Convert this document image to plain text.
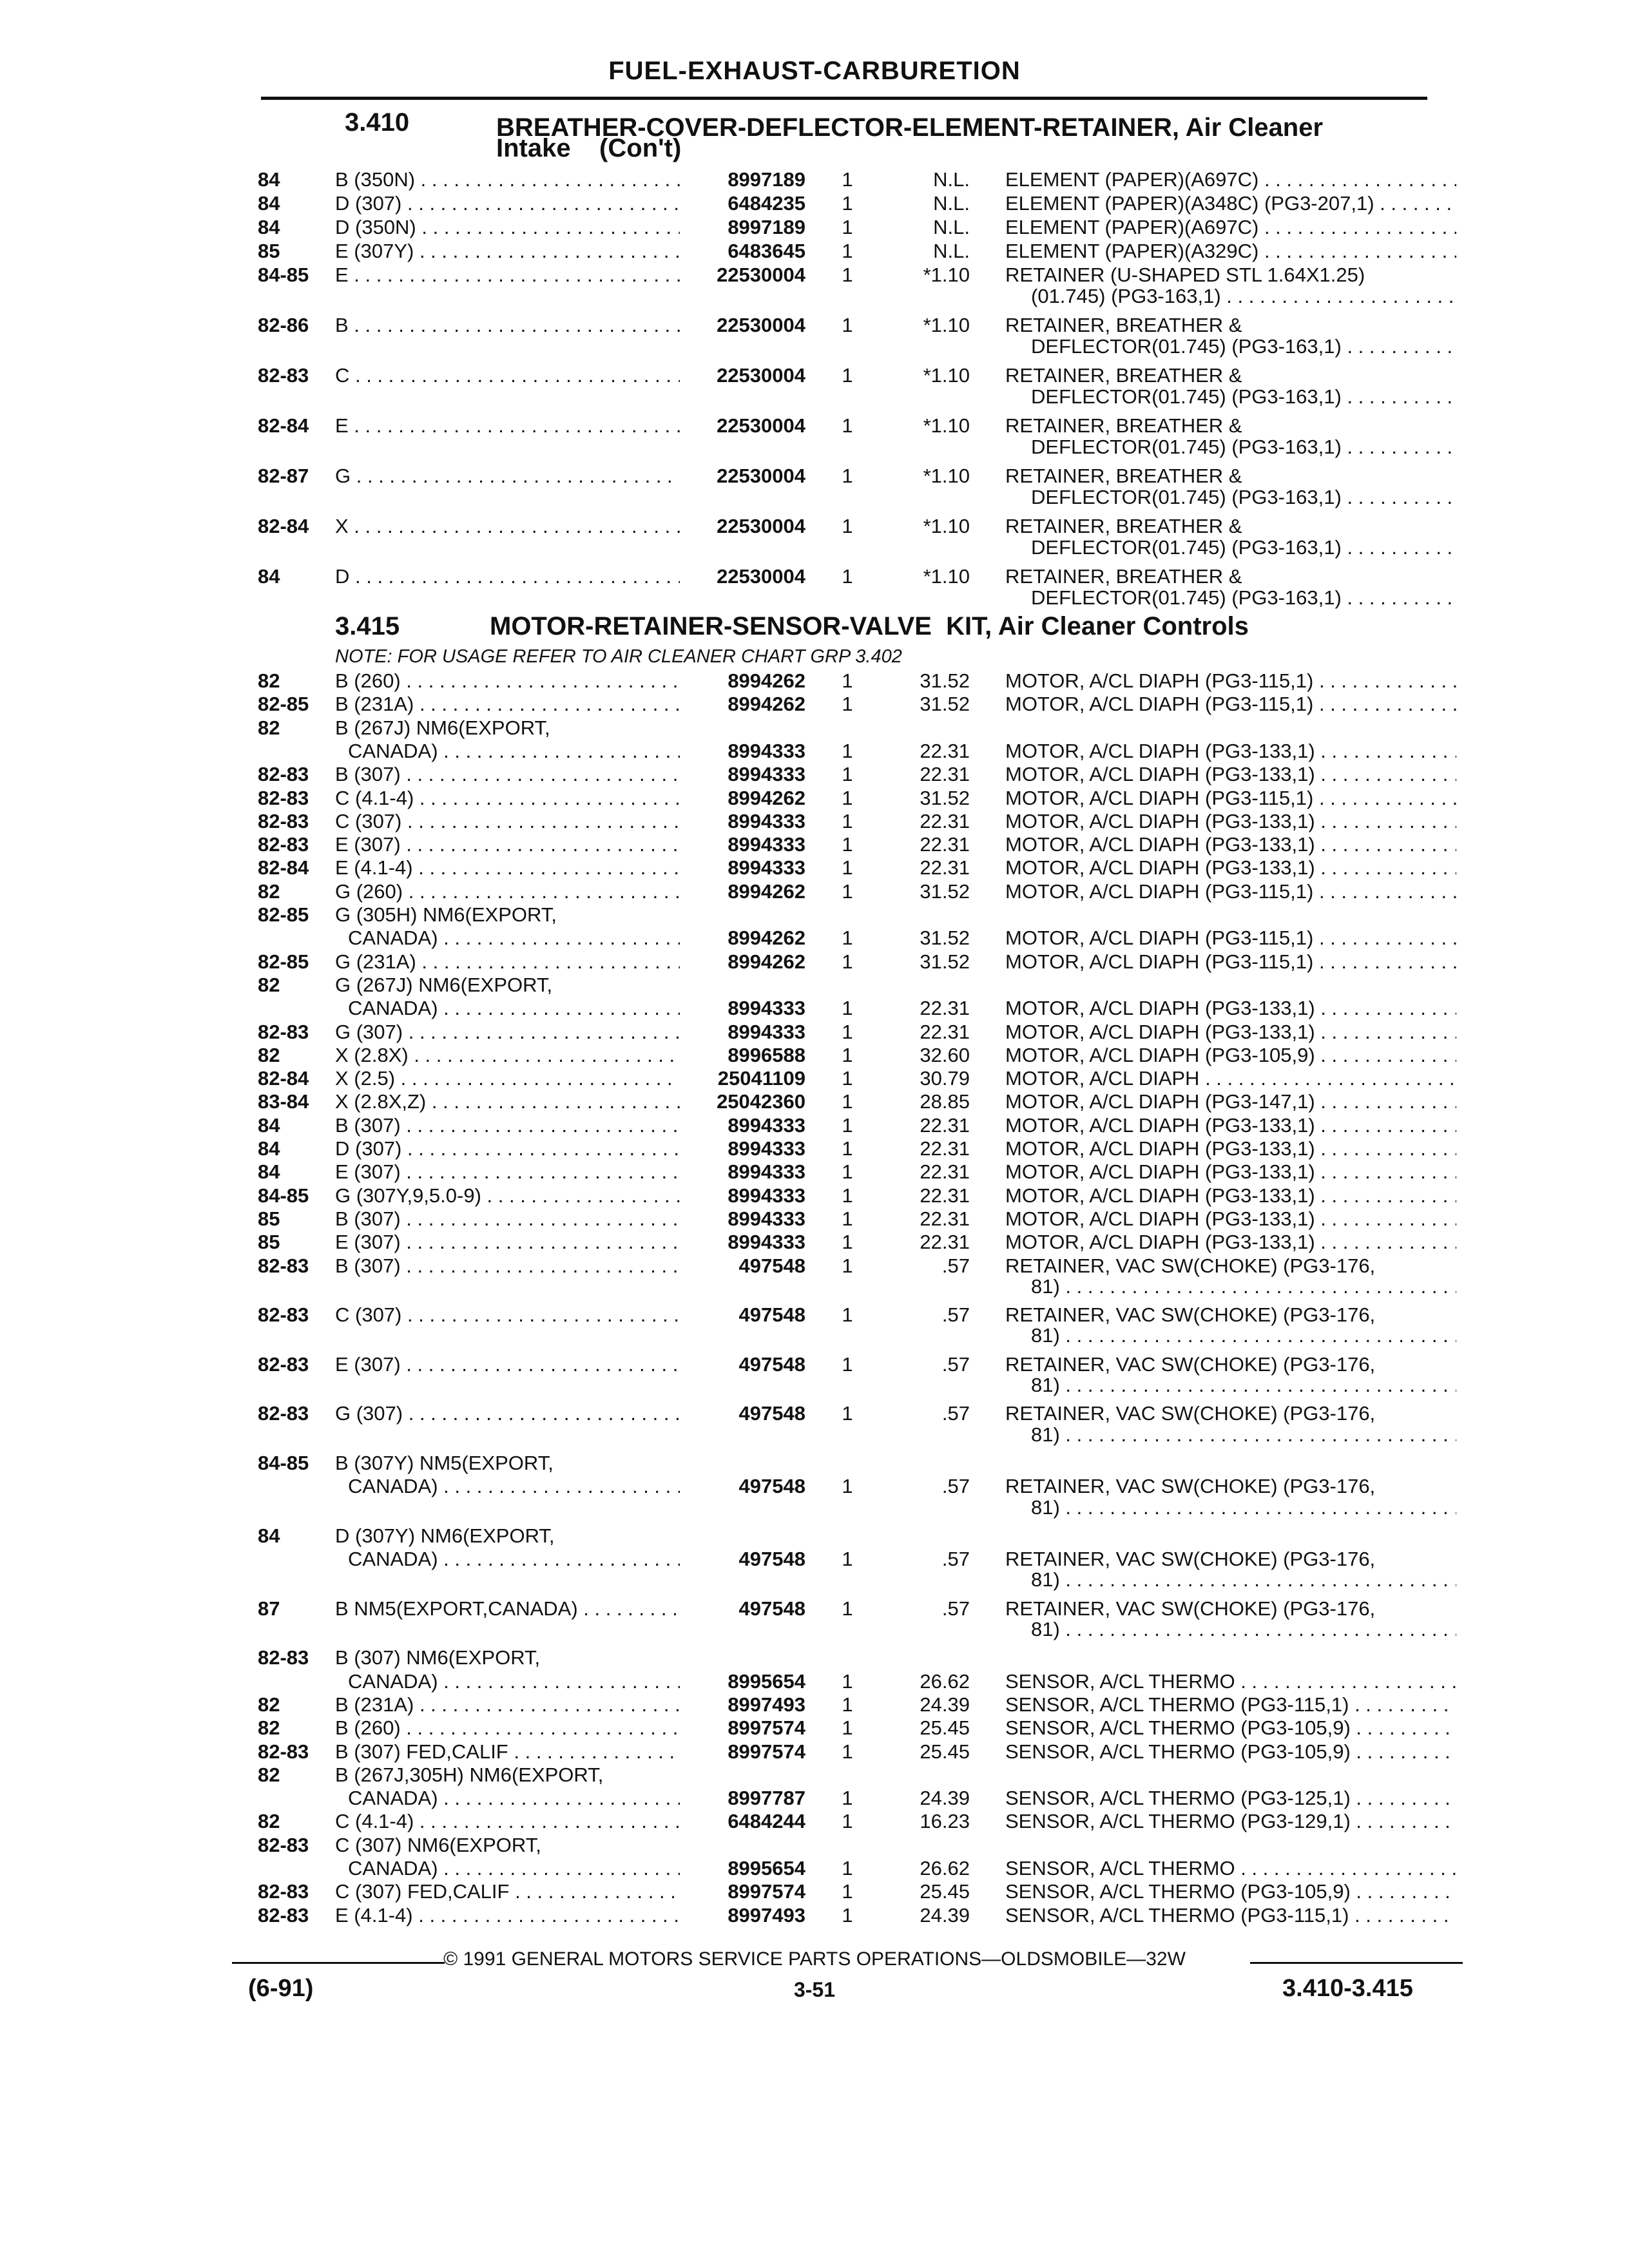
FUEL-EXHAUST-CARBURETION
3.410	BREATHER-COVER-DEFLECTOR-ELEMENT-RETAINER, Air Cleaner
Intake    (Con't)
84	B (350N) . . .	8997189 1	N.L. ELEMENT (PAPER)(A697C) . . .
84	D (307) . . .	6484235 1	N.L. ELEMENT (PAPER)(A348C) (PG3-207,1) . . .
84	D (350N) . . .	8997189 1	N.L. ELEMENT (PAPER)(A697C) . . .
85	E (307Y) . . .	6483645 1	N.L. ELEMENT (PAPER)(A329C) . . .
84-85 E . . .	22530004 1	*1.10 RETAINER (U-SHAPED STL 1.64X1.25)
(01.745) (PG3-163,1) . . .
82-86 B . . .	22530004 1	*1.10 RETAINER, BREATHER &
DEFLECTOR(01.745) (PG3-163,1) . . .
82-83 C . . .	22530004 1	*1.10 RETAINER, BREATHER &
DEFLECTOR(01.745) (PG3-163,1) . . .
82-84 E . . .	22530004 1	*1.10 RETAINER, BREATHER &
DEFLECTOR(01.745) (PG3-163,1) . . .
82-87 G . . .	22530004 1	*1.10 RETAINER, BREATHER &
DEFLECTOR(01.745) (PG3-163,1) . . .
82-84 X . . .	22530004 1	*1.10 RETAINER, BREATHER &
DEFLECTOR(01.745) (PG3-163,1) . . .
84	D . . .	22530004 1	*1.10 RETAINER, BREATHER &
DEFLECTOR(01.745) (PG3-163,1) . . .
3.415	MOTOR-RETAINER-SENSOR-VALVE  KIT, Air Cleaner Controls
NOTE: FOR USAGE REFER TO AIR CLEANER CHART GRP 3.402
82	B (260) . . .	8994262 1	31.52 MOTOR, A/CL DIAPH (PG3-115,1) . . .
82-85 B (231A) . . .	8994262 1	31.52 MOTOR, A/CL DIAPH (PG3-115,1) . . .
82	B (267J) NM6(EXPORT,
CANADA) . . .	8994333 1	22.31 MOTOR, A/CL DIAPH (PG3-133,1) . . .
82-83 B (307) . . .	8994333 1	22.31 MOTOR, A/CL DIAPH (PG3-133,1) . . .
82-83 C (4.1-4) . . .	8994262 1	31.52 MOTOR, A/CL DIAPH (PG3-115,1) . . .
82-83 C (307) . . .	8994333 1	22.31 MOTOR, A/CL DIAPH (PG3-133,1) . . .
82-83 E (307) . . .	8994333 1	22.31 MOTOR, A/CL DIAPH (PG3-133,1) . . .
82-84 E (4.1-4) . . .	8994333 1	22.31 MOTOR, A/CL DIAPH (PG3-133,1) . . .
82	G (260) . . .	8994262 1	31.52 MOTOR, A/CL DIAPH (PG3-115,1) . . .
82-85 G (305H) NM6(EXPORT,
CANADA) . . .	8994262 1	31.52 MOTOR, A/CL DIAPH (PG3-115,1) . . .
82-85 G (231A) . . .	8994262 1	31.52 MOTOR, A/CL DIAPH (PG3-115,1) . . .
82	G (267J) NM6(EXPORT,
CANADA) . . .	8994333 1	22.31 MOTOR, A/CL DIAPH (PG3-133,1) . . .
82-83 G (307) . . .	8994333 1	22.31 MOTOR, A/CL DIAPH (PG3-133,1) . . .
82	X (2.8X) . . .	8996588 1	32.60 MOTOR, A/CL DIAPH (PG3-105,9) . . .
82-84 X (2.5) . . .	25041109 1	30.79 MOTOR, A/CL DIAPH . . .
83-84 X (2.8X,Z) . . .	25042360 1	28.85 MOTOR, A/CL DIAPH (PG3-147,1) . . .
84	B (307) . . .	8994333 1	22.31 MOTOR, A/CL DIAPH (PG3-133,1) . . .
84	D (307) . . .	8994333 1	22.31 MOTOR, A/CL DIAPH (PG3-133,1) . . .
84	E (307) . . .	8994333 1	22.31 MOTOR, A/CL DIAPH (PG3-133,1) . . .
84-85 G (307Y,9,5.0-9) . . .	8994333 1	22.31 MOTOR, A/CL DIAPH (PG3-133,1) . . .
85	B (307) . . .	8994333 1	22.31 MOTOR, A/CL DIAPH (PG3-133,1) . . .
85	E (307) . . .	8994333 1	22.31 MOTOR, A/CL DIAPH (PG3-133,1) . . .
82-83 B (307) . . .	497548 1	.57 RETAINER, VAC SW(CHOKE) (PG3-176,
81) . . .
82-83 C (307) . . .	497548 1	.57 RETAINER, VAC SW(CHOKE) (PG3-176,
81) . . .
82-83 E (307) . . .	497548 1	.57 RETAINER, VAC SW(CHOKE) (PG3-176,
81) . . .
82-83 G (307) . . .	497548 1	.57 RETAINER, VAC SW(CHOKE) (PG3-176,
81) . . .
84-85 B (307Y) NM5(EXPORT,
CANADA) . . .	497548 1	.57 RETAINER, VAC SW(CHOKE) (PG3-176,
81) . . .
84	D (307Y) NM6(EXPORT,
CANADA) . . .	497548 1	.57 RETAINER, VAC SW(CHOKE) (PG3-176,
81) . . .
87	B NM5(EXPORT,CANADA) . . .	497548 1	.57 RETAINER, VAC SW(CHOKE) (PG3-176,
81) . . .
82-83 B (307) NM6(EXPORT,
CANADA) . . .	8995654 1	26.62 SENSOR, A/CL THERMO . . .
82	B (231A) . . .	8997493 1	24.39 SENSOR, A/CL THERMO (PG3-115,1) . . .
82	B (260) . . .	8997574 1	25.45 SENSOR, A/CL THERMO (PG3-105,9) . . .
82-83 B (307) FED,CALIF . . .	8997574 1	25.45 SENSOR, A/CL THERMO (PG3-105,9) . . .
82	B (267J,305H) NM6(EXPORT,
CANADA) . . .	8997787 1	24.39 SENSOR, A/CL THERMO (PG3-125,1) . . .
82	C (4.1-4) . . .	6484244 1	16.23 SENSOR, A/CL THERMO (PG3-129,1) . . .
82-83 C (307) NM6(EXPORT,
CANADA) . . .	8995654 1	26.62 SENSOR, A/CL THERMO . . .
82-83 C (307) FED,CALIF . . .	8997574 1	25.45 SENSOR, A/CL THERMO (PG3-105,9) . . .
82-83 E (4.1-4) . . .	8997493 1	24.39 SENSOR, A/CL THERMO (PG3-115,1) . . .
© 1991 GENERAL MOTORS SERVICE PARTS OPERATIONS—OLDSMOBILE—32W
(6-91)	3-51	3.410-3.415
